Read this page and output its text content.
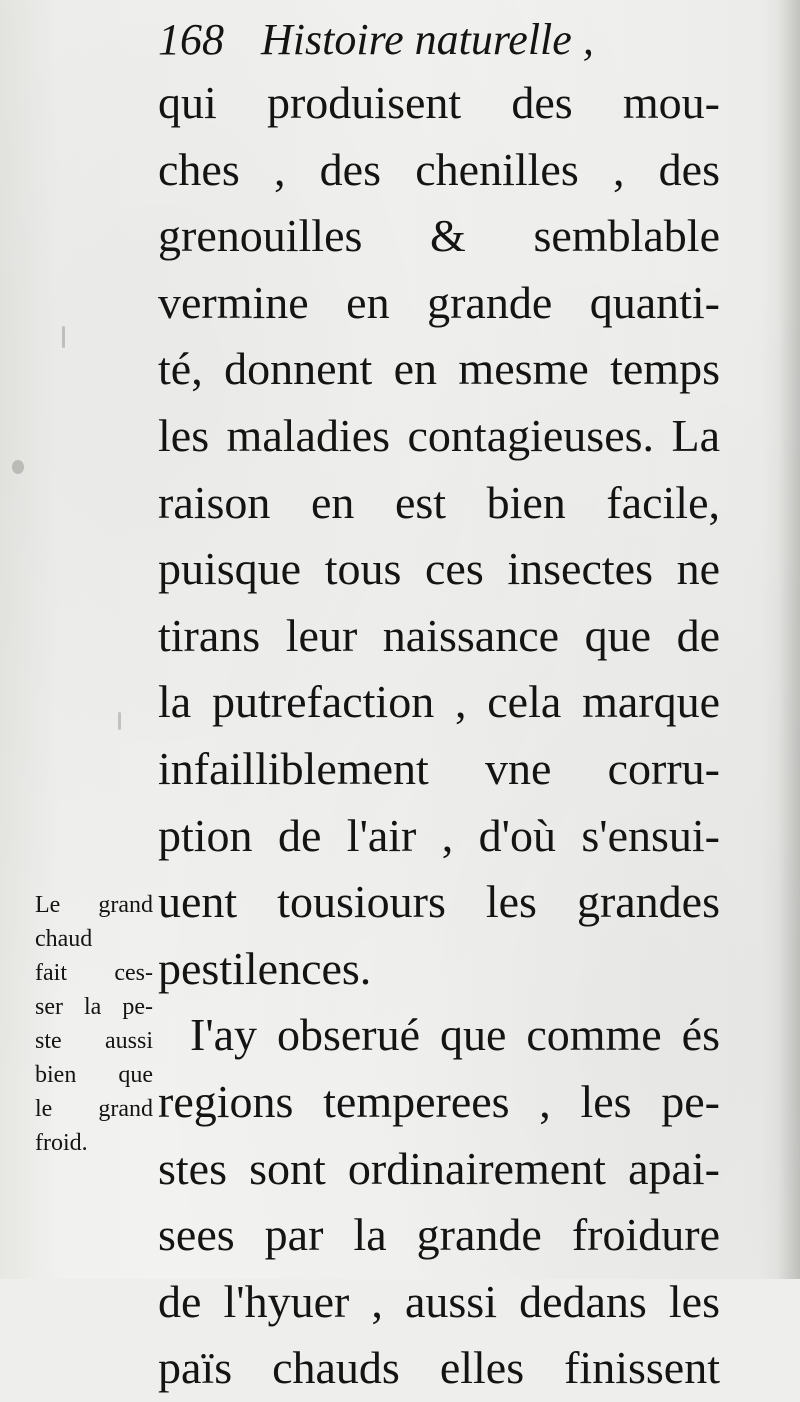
168 Histoire naturelle ,
qui produisent des mou-
ches , des chenilles , des
grenouilles & semblable
vermine en grande quanti-
té, donnent en mesme temps
les maladies contagieuses. La
raison en est bien facile,
puisque tous ces insectes ne
tirans leur naissance que de
la putrefaction , cela marque
infailliblement vne corru-
ption de l'air , d'où s'ensui-
uent tousiours les grandes
pestilences.
I'ay obserué que comme és
regions temperees , les pe-
stes sont ordinairement apai-
sees par la grande froidure
de l'hyuer , aussi dedans les
païs chauds elles finissent
Le grand
chaud
fait ces-
ser la pe-
ste aussi
bien que
le grand
froid.
